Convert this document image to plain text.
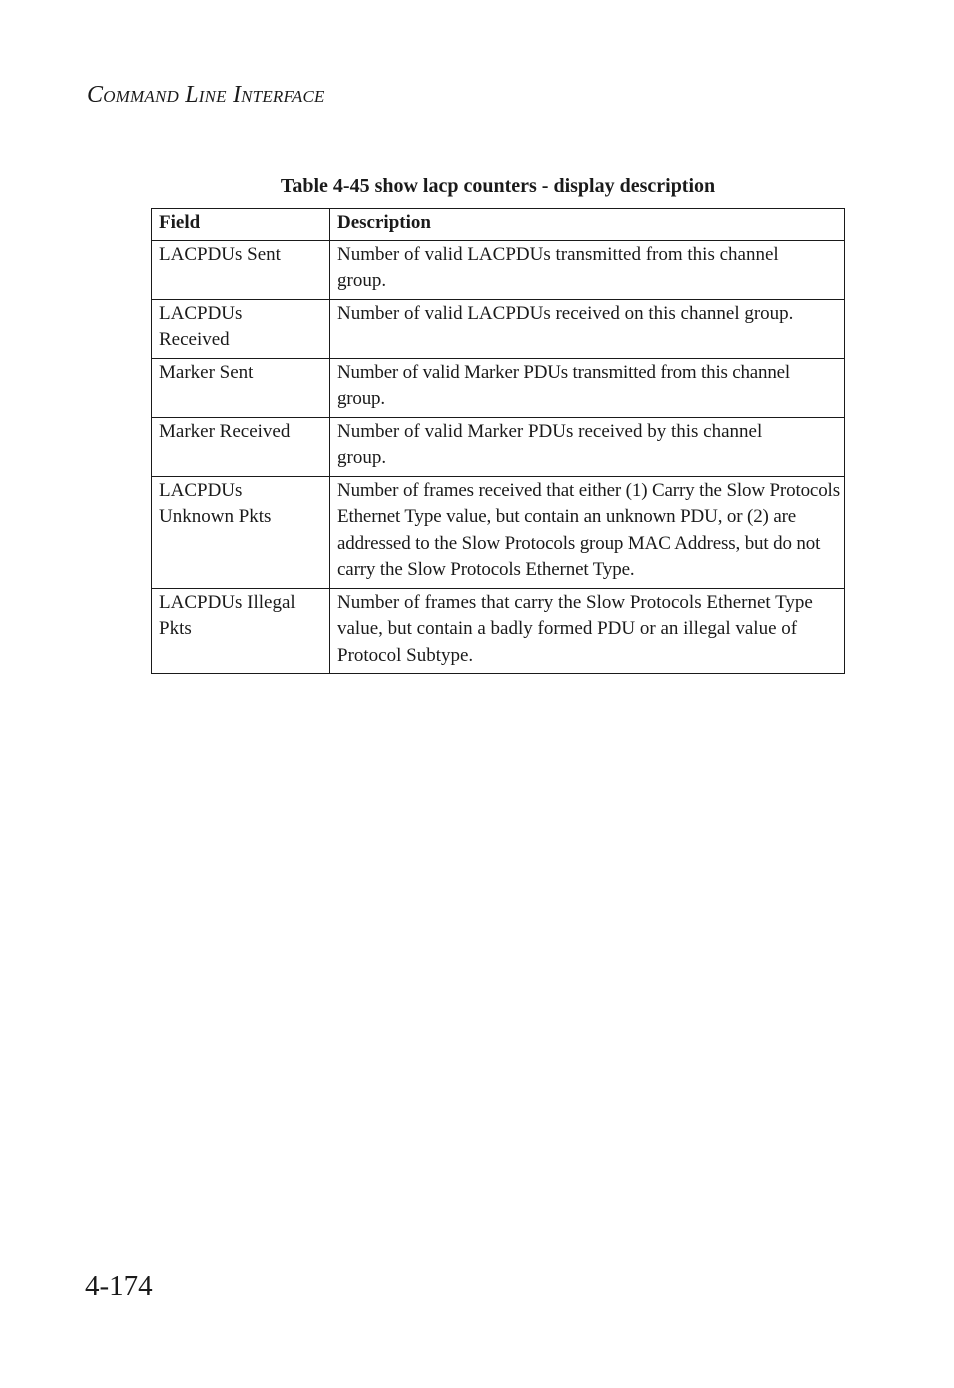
Command Line Interface
Table 4-45 show lacp counters - display description
Field	Description
LACPDUs Sent	Number of valid LACPDUs transmitted from this channel group.
LACPDUs Received	Number of valid LACPDUs received on this channel group.
Marker Sent	Number of valid Marker PDUs transmitted from this channel group.
Marker Received	Number of valid Marker PDUs received by this channel group.
LACPDUs Unknown Pkts	Number of frames received that either (1) Carry the Slow Protocols Ethernet Type value, but contain an unknown PDU, or (2) are addressed to the Slow Protocols group MAC Address, but do not carry the Slow Protocols Ethernet Type.
LACPDUs Illegal Pkts	Number of frames that carry the Slow Protocols Ethernet Type value, but contain a badly formed PDU or an illegal value of Protocol Subtype.
4-174
